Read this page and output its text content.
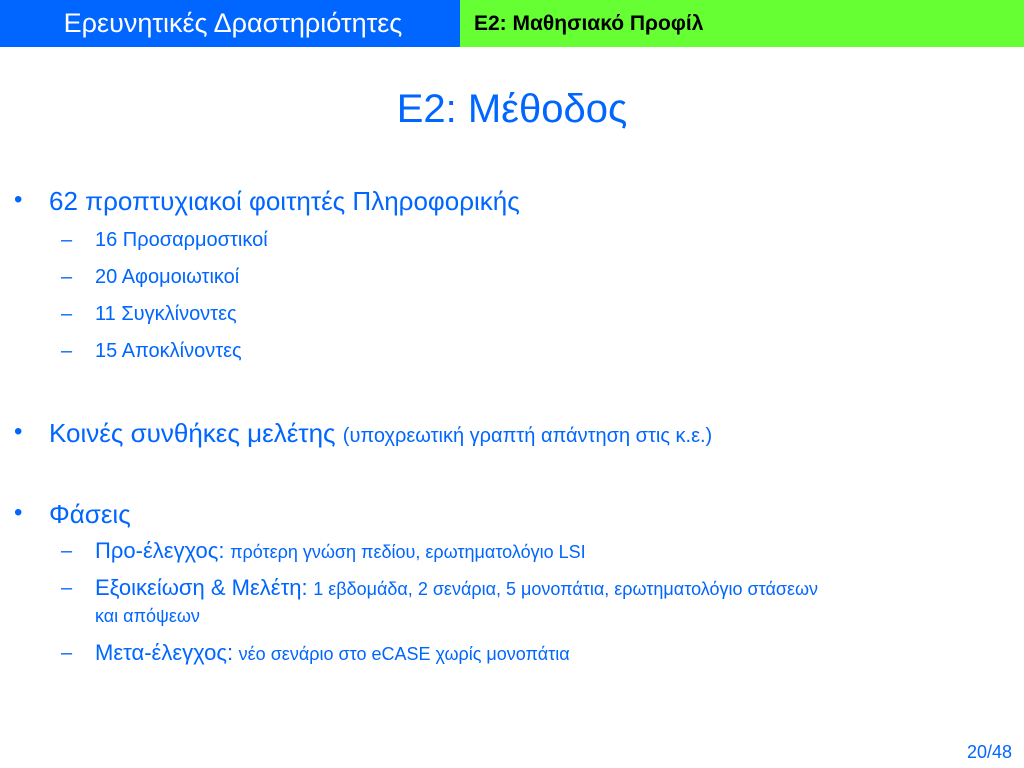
Ερευνητικές Δραστηριότητες	Ε2: Μαθησιακό Προφίλ
Ε2: Μέθοδος
• 62 προπτυχιακοί φοιτητές Πληροφορικής
– 16 Προσαρμοστικοί
– 20 Αφομοιωτικοί
– 11 Συγκλίνοντες
– 15 Αποκλίνοντες
• Κοινές συνθήκες μελέτης (υποχρεωτική γραπτή απάντηση στις κ.ε.)
• Φάσεις
– Προ-έλεγχος: πρότερη γνώση πεδίου, ερωτηματολόγιο LSI
– Εξοικείωση & Μελέτη: 1 εβδομάδα, 2 σενάρια, 5 μονοπάτια, ερωτηματολόγιο στάσεων
και απόψεων
– Μετα-έλεγχος: νέο σενάριο στο eCASE χωρίς μονοπάτια
20/48
